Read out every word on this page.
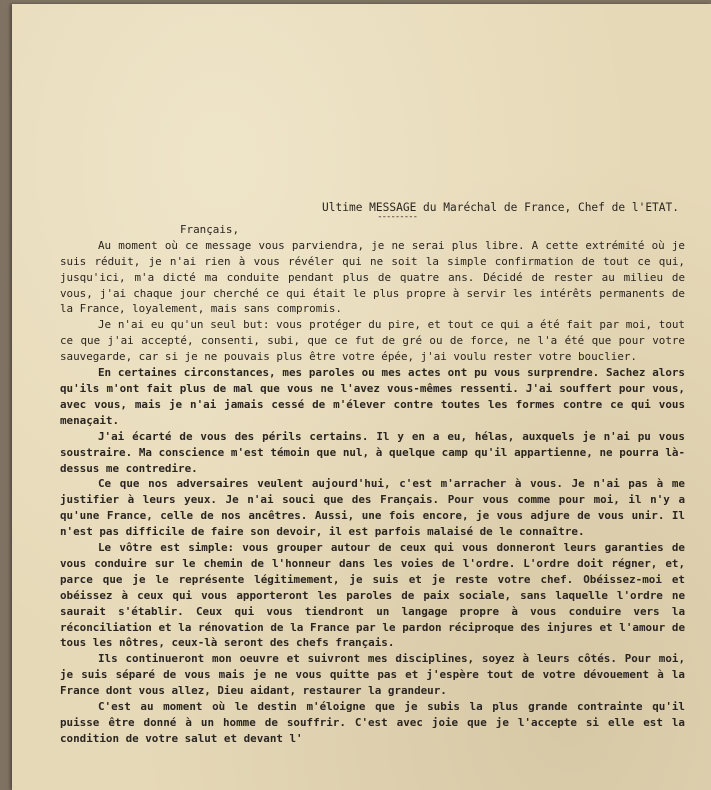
Ultime MESSAGE du Maréchal de France, Chef de l'ETAT.
---------
Français,

Au moment où ce message vous parviendra, je ne serai plus libre. A cette extrémité où je suis réduit, je n'ai rien à vous révéler qui ne soit la simple confirmation de tout ce qui, jusqu'ici, m'a dicté ma conduite pendant plus de quatre ans. Décidé de rester au milieu de vous, j'ai chaque jour cherché ce qui était le plus propre à servir les intérêts permanents de la France, loyalement, mais sans compromis.

Je n'ai eu qu'un seul but: vous protéger du pire, et tout ce qui a été fait par moi, tout ce que j'ai accepté, consenti, subi, que ce fut de gré ou de force, ne l'a été que pour votre sauvegarde, car si je ne pouvais plus être votre épée, j'ai voulu rester votre bouclier.

En certaines circonstances, mes paroles ou mes actes ont pu vous surprendre. Sachez alors qu'ils m'ont fait plus de mal que vous ne l'avez vous-mêmes ressenti. J'ai souffert pour vous, avec vous, mais je n'ai jamais cessé de m'élever contre toutes les formes contre ce qui vous menaçait.

J'ai écarté de vous des périls certains. Il y en a eu, hélas, auxquels je n'ai pu vous soustraire. Ma conscience m'est témoin que nul, à quelque camp qu'il appartienne, ne pourra là-dessus me contredire.

Ce que nos adversaires veulent aujourd'hui, c'est m'arracher à vous. Je n'ai pas à me justifier à leurs yeux. Je n'ai souci que des Français. Pour vous comme pour moi, il n'y a qu'une France, celle de nos ancêtres. Aussi, une fois encore, je vous adjure de vous unir. Il n'est pas difficile de faire son devoir, il est parfois malaisé de le connaître.

Le vôtre est simple: vous grouper autour de ceux qui vous donneront leurs garanties de vous conduire sur le chemin de l'honneur dans les voies de l'ordre. L'ordre doit régner, et, parce que je le représente légitimement, je suis et je reste votre chef. Obéissez-moi et obéissez à ceux qui vous apporteront les paroles de paix sociale, sans laquelle l'ordre ne saurait s'établir. Ceux qui vous tiendront un langage propre à vous conduire vers la réconciliation et la rénovation de la France par le pardon réciproque des injures et l'amour de tous les nôtres, ceux-là seront des chefs français.

Ils continueront mon oeuvre et suivront mes disciplines, soyez à leurs côtés. Pour moi, je suis séparé de vous mais je ne vous quitte pas et j'espère tout de votre dévouement à la France dont vous allez, Dieu aidant, restaurer la grandeur.

C'est au moment où le destin m'éloigne que je subis la plus grande contrainte qu'il puisse être donné à un homme de souffrir. C'est avec joie que je l'accepte si elle est la condition de votre salut et devant l'
